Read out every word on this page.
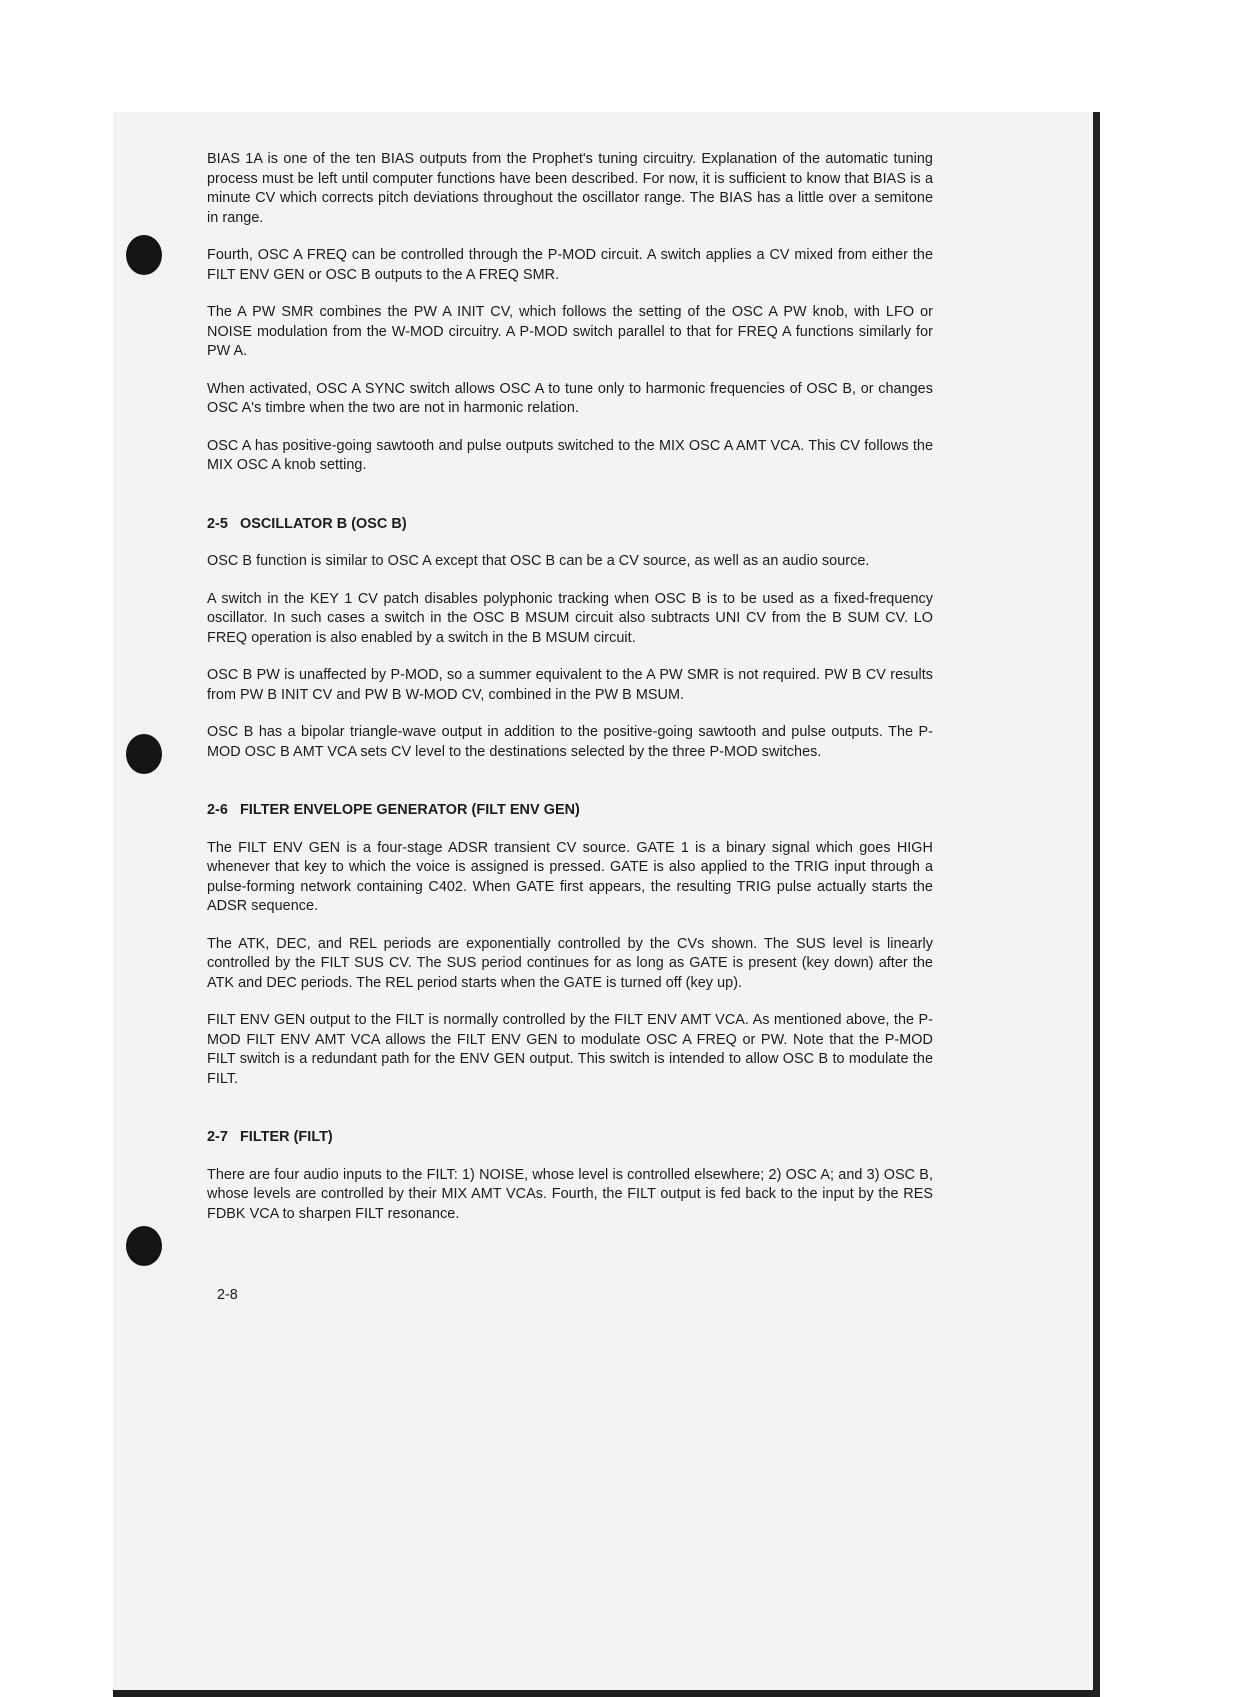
BIAS 1A is one of the ten BIAS outputs from the Prophet's tuning circuitry. Explanation of the automatic tuning process must be left until computer functions have been described. For now, it is sufficient to know that BIAS is a minute CV which corrects pitch deviations throughout the oscillator range. The BIAS has a little over a semitone in range.

Fourth, OSC A FREQ can be controlled through the P-MOD circuit. A switch applies a CV mixed from either the FILT ENV GEN or OSC B outputs to the A FREQ SMR.

The A PW SMR combines the PW A INIT CV, which follows the setting of the OSC A PW knob, with LFO or NOISE modulation from the W-MOD circuitry. A P-MOD switch parallel to that for FREQ A functions similarly for PW A.

When activated, OSC A SYNC switch allows OSC A to tune only to harmonic frequencies of OSC B, or changes OSC A's timbre when the two are not in harmonic relation.

OSC A has positive-going sawtooth and pulse outputs switched to the MIX OSC A AMT VCA. This CV follows the MIX OSC A knob setting.

2-5 OSCILLATOR B (OSC B)

OSC B function is similar to OSC A except that OSC B can be a CV source, as well as an audio source.

A switch in the KEY 1 CV patch disables polyphonic tracking when OSC B is to be used as a fixed-frequency oscillator. In such cases a switch in the OSC B MSUM circuit also subtracts UNI CV from the B SUM CV. LO FREQ operation is also enabled by a switch in the B MSUM circuit.

OSC B PW is unaffected by P-MOD, so a summer equivalent to the A PW SMR is not required. PW B CV results from PW B INIT CV and PW B W-MOD CV, combined in the PW B MSUM.

OSC B has a bipolar triangle-wave output in addition to the positive-going sawtooth and pulse outputs. The P-MOD OSC B AMT VCA sets CV level to the destinations selected by the three P-MOD switches.

2-6 FILTER ENVELOPE GENERATOR (FILT ENV GEN)

The FILT ENV GEN is a four-stage ADSR transient CV source. GATE 1 is a binary signal which goes HIGH whenever that key to which the voice is assigned is pressed. GATE is also applied to the TRIG input through a pulse-forming network containing C402. When GATE first appears, the resulting TRIG pulse actually starts the ADSR sequence.

The ATK, DEC, and REL periods are exponentially controlled by the CVs shown. The SUS level is linearly controlled by the FILT SUS CV. The SUS period continues for as long as GATE is present (key down) after the ATK and DEC periods. The REL period starts when the GATE is turned off (key up).

FILT ENV GEN output to the FILT is normally controlled by the FILT ENV AMT VCA. As mentioned above, the P-MOD FILT ENV AMT VCA allows the FILT ENV GEN to modulate OSC A FREQ or PW. Note that the P-MOD FILT switch is a redundant path for the ENV GEN output. This switch is intended to allow OSC B to modulate the FILT.

2-7 FILTER (FILT)

There are four audio inputs to the FILT: 1) NOISE, whose level is controlled elsewhere; 2) OSC A; and 3) OSC B, whose levels are controlled by their MIX AMT VCAs. Fourth, the FILT output is fed back to the input by the RES FDBK VCA to sharpen FILT resonance.

2-8
